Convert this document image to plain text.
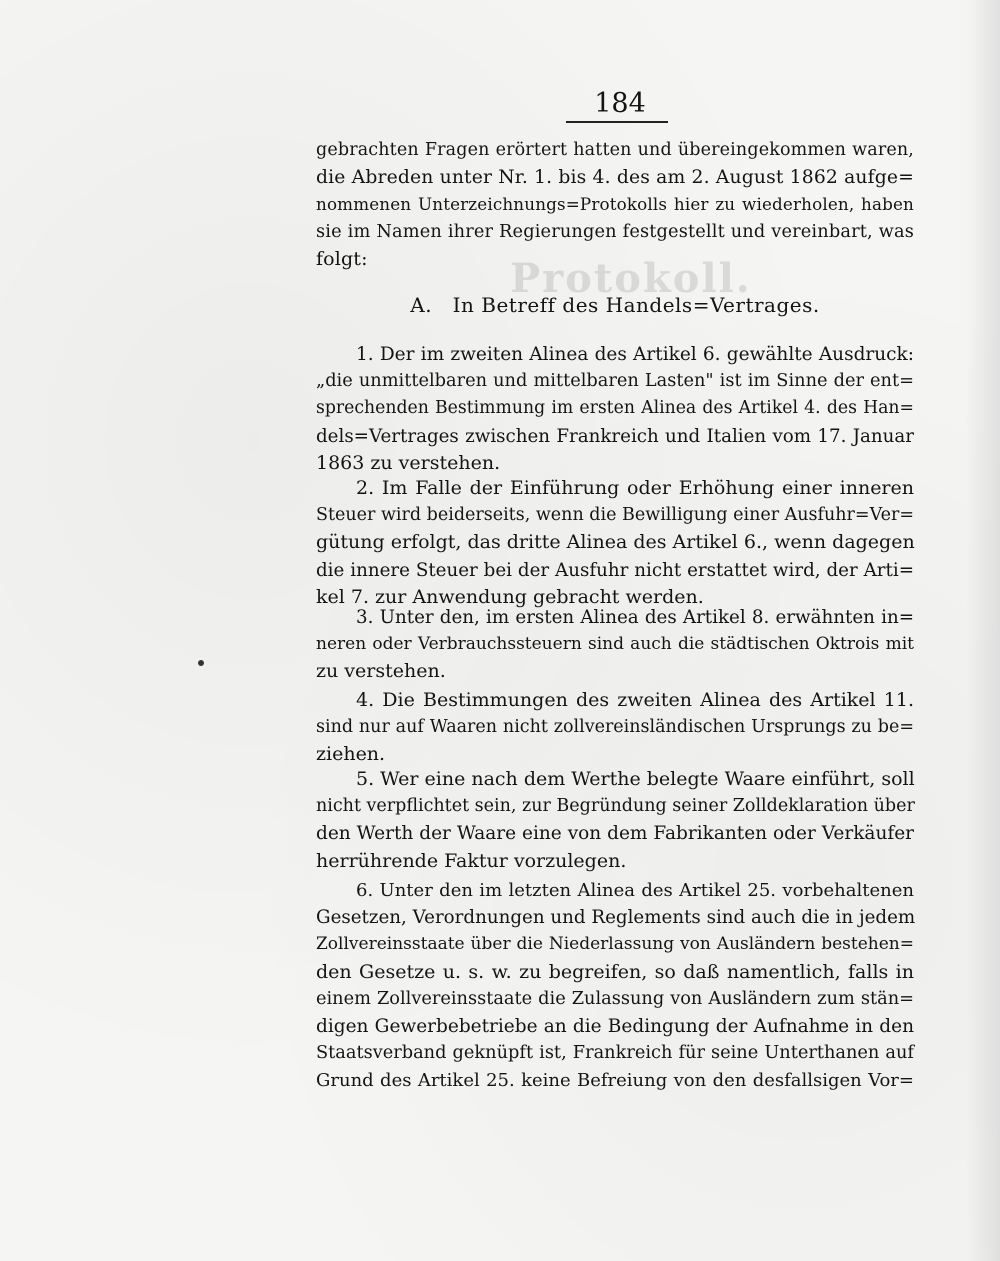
Protokoll.
184
gebrachten Fragen erörtert hatten und übereingekommen waren,
die Abreden unter Nr. 1. bis 4. des am 2. August 1862 aufge=
nommenen Unterzeichnungs=Protokolls hier zu wiederholen, haben
sie im Namen ihrer Regierungen festgestellt und vereinbart, was
folgt:
A.   In Betreff des Handels=Vertrages.
1. Der im zweiten Alinea des Artikel 6. gewählte Ausdruck:
„die unmittelbaren und mittelbaren Lasten" ist im Sinne der ent=
sprechenden Bestimmung im ersten Alinea des Artikel 4. des Han=
dels=Vertrages zwischen Frankreich und Italien vom 17. Januar
1863 zu verstehen.
2. Im Falle der Einführung oder Erhöhung einer inneren
Steuer wird beiderseits, wenn die Bewilligung einer Ausfuhr=Ver=
gütung erfolgt, das dritte Alinea des Artikel 6., wenn dagegen
die innere Steuer bei der Ausfuhr nicht erstattet wird, der Arti=
kel 7. zur Anwendung gebracht werden.
3. Unter den, im ersten Alinea des Artikel 8. erwähnten in=
neren oder Verbrauchssteuern sind auch die städtischen Oktrois mit
zu verstehen.
4. Die Bestimmungen des zweiten Alinea des Artikel 11.
sind nur auf Waaren nicht zollvereinsländischen Ursprungs zu be=
ziehen.
5. Wer eine nach dem Werthe belegte Waare einführt, soll
nicht verpflichtet sein, zur Begründung seiner Zolldeklaration über
den Werth der Waare eine von dem Fabrikanten oder Verkäufer
herrührende Faktur vorzulegen.
6. Unter den im letzten Alinea des Artikel 25. vorbehaltenen
Gesetzen, Verordnungen und Reglements sind auch die in jedem
Zollvereinsstaate über die Niederlassung von Ausländern bestehen=
den Gesetze u. s. w. zu begreifen, so daß namentlich, falls in
einem Zollvereinsstaate die Zulassung von Ausländern zum stän=
digen Gewerbebetriebe an die Bedingung der Aufnahme in den
Staatsverband geknüpft ist, Frankreich für seine Unterthanen auf
Grund des Artikel 25. keine Befreiung von den desfallsigen Vor=
